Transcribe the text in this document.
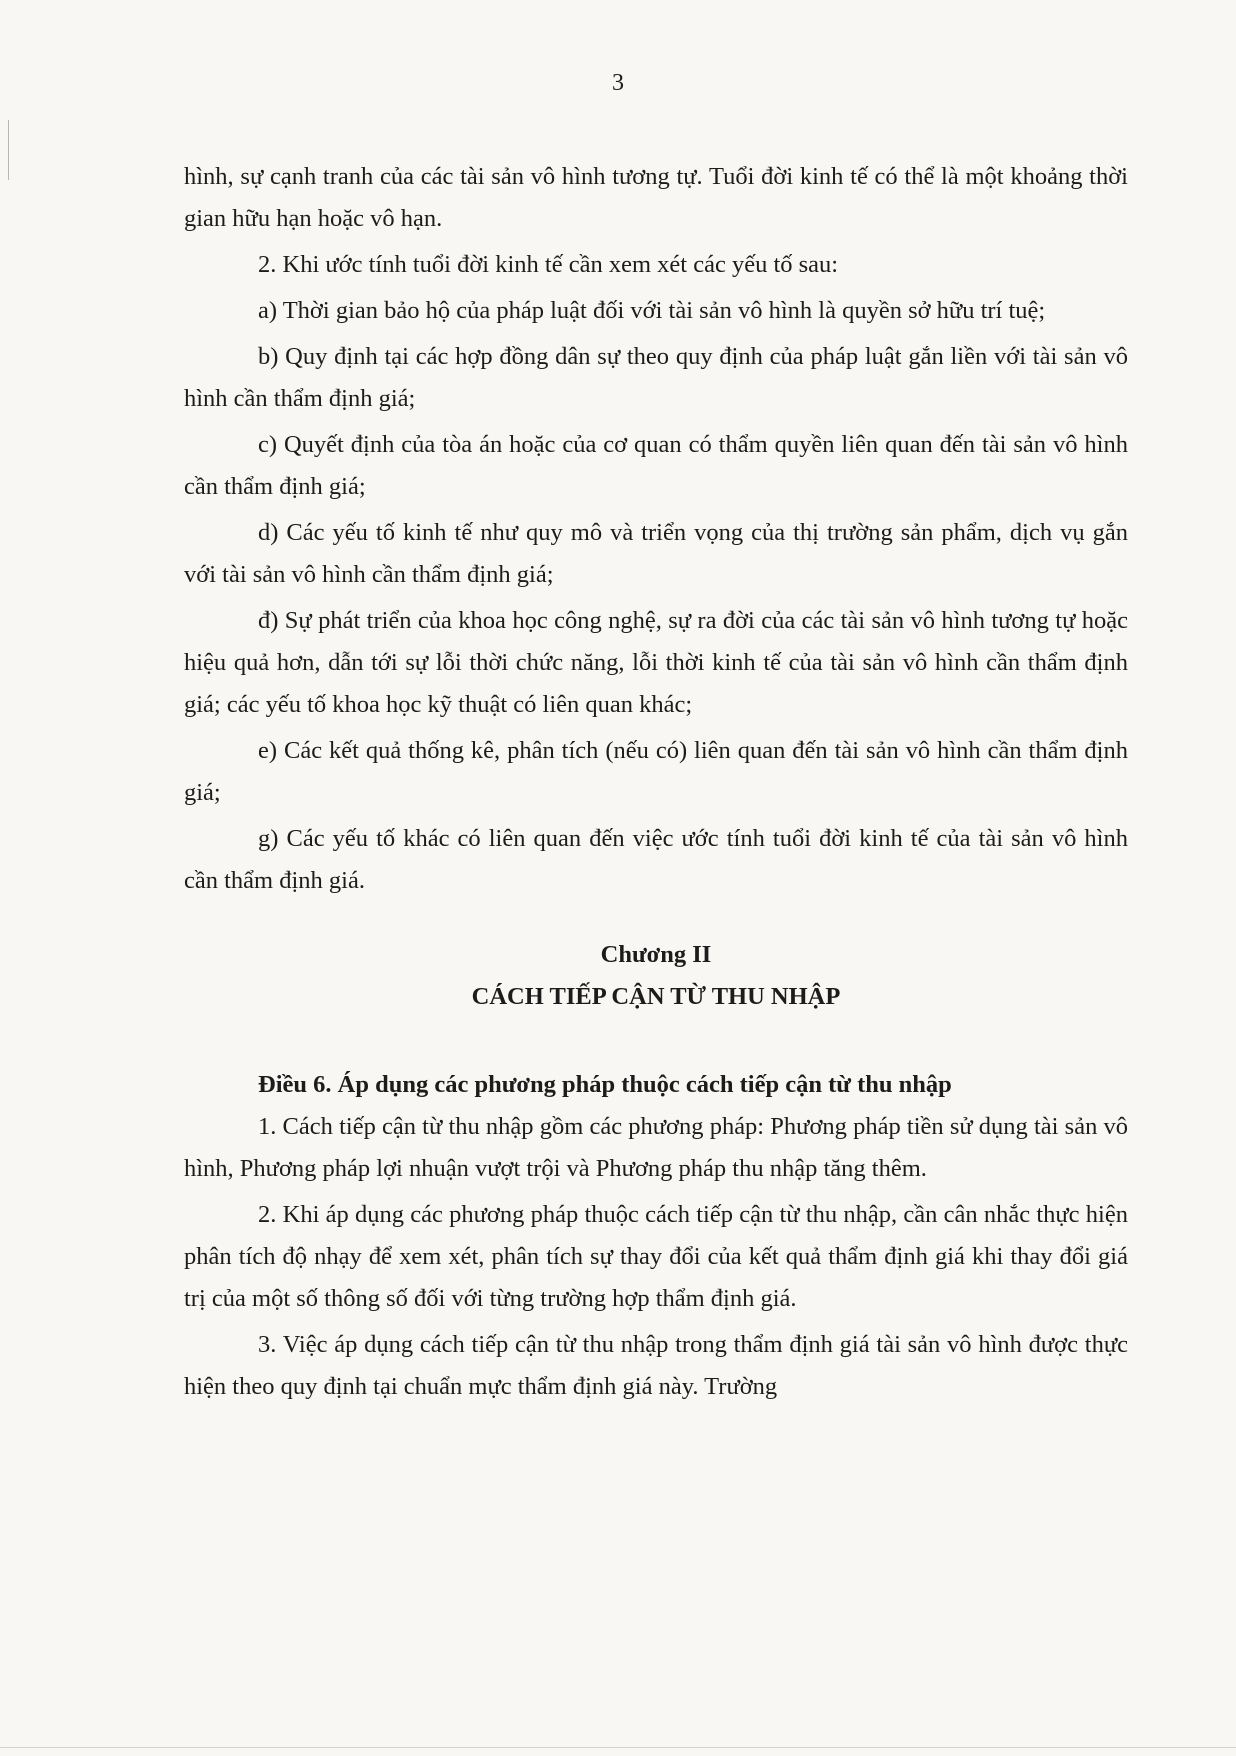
3

hình, sự cạnh tranh của các tài sản vô hình tương tự. Tuổi đời kinh tế có thể là một khoảng thời gian hữu hạn hoặc vô hạn.

2. Khi ước tính tuổi đời kinh tế cần xem xét các yếu tố sau:

a) Thời gian bảo hộ của pháp luật đối với tài sản vô hình là quyền sở hữu trí tuệ;

b) Quy định tại các hợp đồng dân sự theo quy định của pháp luật gắn liền với tài sản vô hình cần thẩm định giá;

c) Quyết định của tòa án hoặc của cơ quan có thẩm quyền liên quan đến tài sản vô hình cần thẩm định giá;

d) Các yếu tố kinh tế như quy mô và triển vọng của thị trường sản phẩm, dịch vụ gắn với tài sản vô hình cần thẩm định giá;

đ) Sự phát triển của khoa học công nghệ, sự ra đời của các tài sản vô hình tương tự hoặc hiệu quả hơn, dẫn tới sự lỗi thời chức năng, lỗi thời kinh tế của tài sản vô hình cần thẩm định giá; các yếu tố khoa học kỹ thuật có liên quan khác;

e) Các kết quả thống kê, phân tích (nếu có) liên quan đến tài sản vô hình cần thẩm định giá;

g) Các yếu tố khác có liên quan đến việc ước tính tuổi đời kinh tế của tài sản vô hình cần thẩm định giá.

Chương II

CÁCH TIẾP CẬN TỪ THU NHẬP

Điều 6. Áp dụng các phương pháp thuộc cách tiếp cận từ thu nhập

1. Cách tiếp cận từ thu nhập gồm các phương pháp: Phương pháp tiền sử dụng tài sản vô hình, Phương pháp lợi nhuận vượt trội và Phương pháp thu nhập tăng thêm.

2. Khi áp dụng các phương pháp thuộc cách tiếp cận từ thu nhập, cần cân nhắc thực hiện phân tích độ nhạy để xem xét, phân tích sự thay đổi của kết quả thẩm định giá khi thay đổi giá trị của một số thông số đối với từng trường hợp thẩm định giá.

3. Việc áp dụng cách tiếp cận từ thu nhập trong thẩm định giá tài sản vô hình được thực hiện theo quy định tại chuẩn mực thẩm định giá này. Trường
